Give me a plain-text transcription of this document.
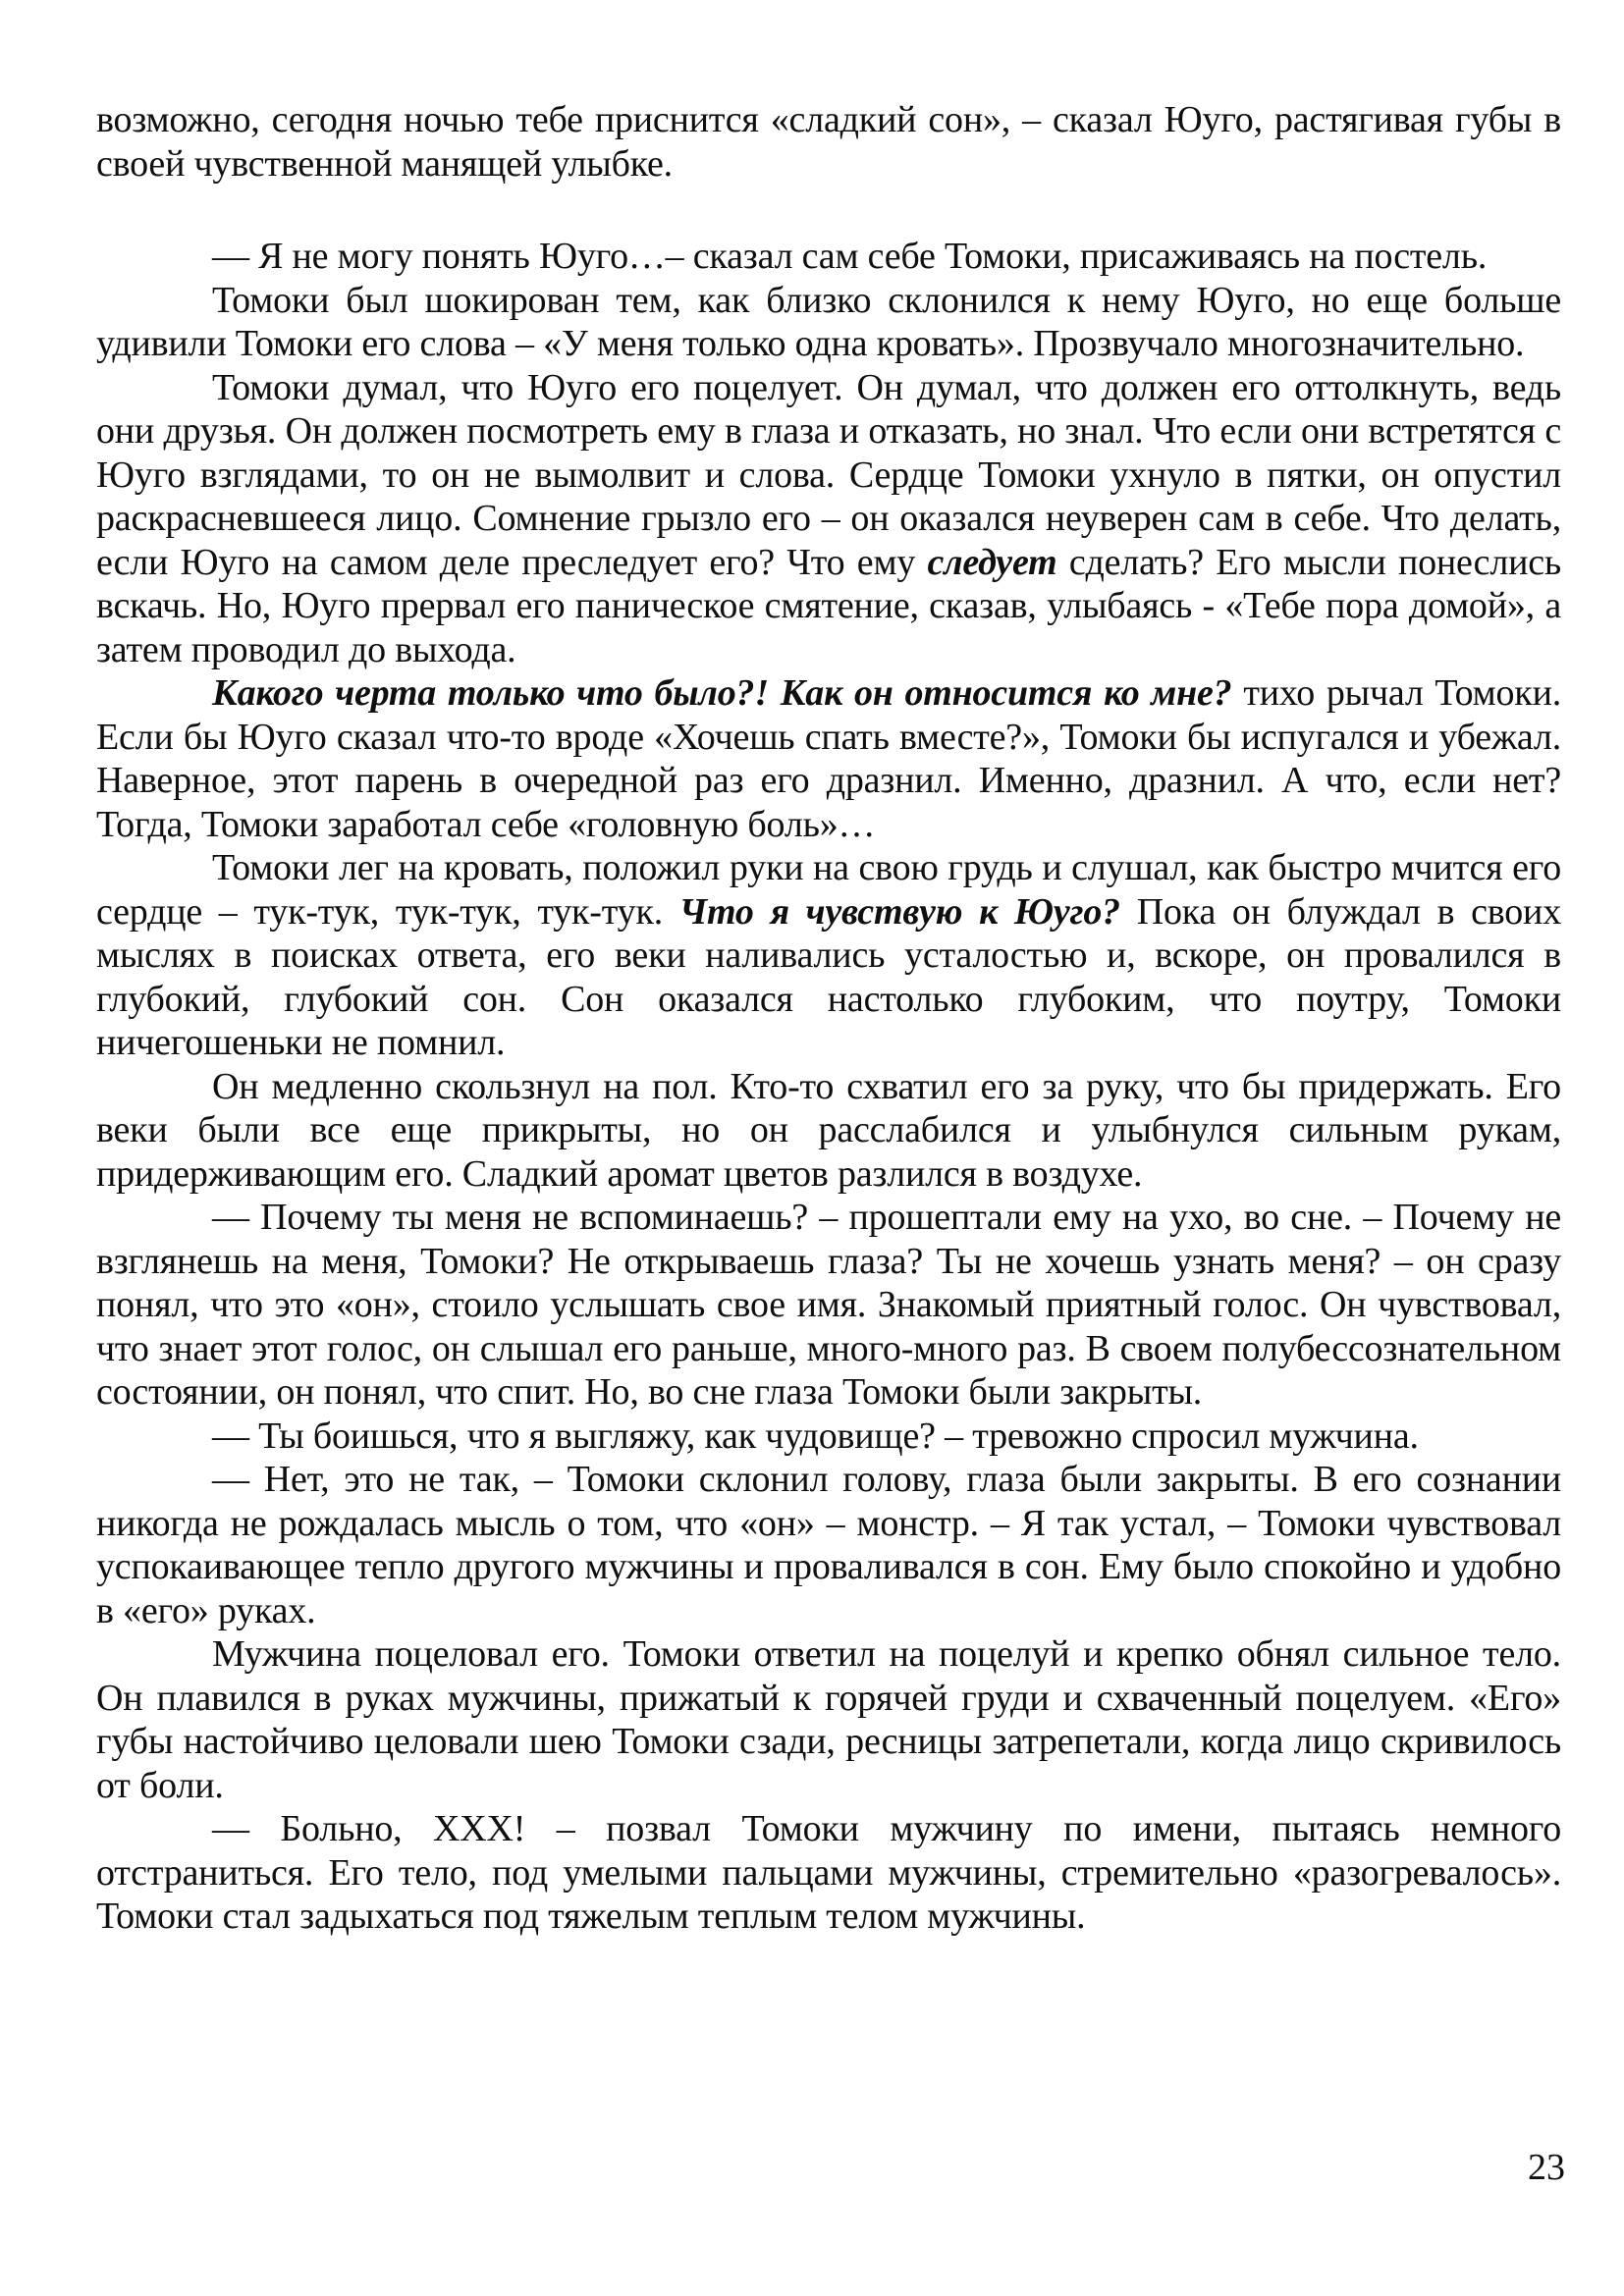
возможно, сегодня ночью тебе приснится «сладкий сон», – сказал Юуго, растягивая губы в своей чувственной манящей улыбке.

— Я не могу понять Юуго…– сказал сам себе Томоки, присаживаясь на постель.

Томоки был шокирован тем, как близко склонился к нему Юуго, но еще больше удивили Томоки его слова – «У меня только одна кровать». Прозвучало многозначительно.

Томоки думал, что Юуго его поцелует. Он думал, что должен его оттолкнуть, ведь они друзья. Он должен посмотреть ему в глаза и отказать, но знал. Что если они встретятся с Юуго взглядами, то он не вымолвит и слова. Сердце Томоки ухнуло в пятки, он опустил раскрасневшееся лицо. Сомнение грызло его – он оказался неуверен сам в себе. Что делать, если Юуго на самом деле преследует его? Что ему следует сделать? Его мысли понеслись вскачь. Но, Юуго прервал его паническое смятение, сказав, улыбаясь - «Тебе пора домой», а затем проводил до выхода.

Какого черта только что было?! Как он относится ко мне? тихо рычал Томоки. Если бы Юуго сказал что-то вроде «Хочешь спать вместе?», Томоки бы испугался и убежал. Наверное, этот парень в очередной раз его дразнил. Именно, дразнил. А что, если нет? Тогда, Томоки заработал себе «головную боль»…

Томоки лег на кровать, положил руки на свою грудь и слушал, как быстро мчится его сердце – тук-тук, тук-тук, тук-тук. Что я чувствую к Юуго? Пока он блуждал в своих мыслях в поисках ответа, его веки наливались усталостью и, вскоре, он провалился в глубокий, глубокий сон. Сон оказался настолько глубоким, что поутру, Томоки ничегошеньки не помнил.

Он медленно скользнул на пол. Кто-то схватил его за руку, что бы придержать. Его веки были все еще прикрыты, но он расслабился и улыбнулся сильным рукам, придерживающим его. Сладкий аромат цветов разлился в воздухе.

— Почему ты меня не вспоминаешь? – прошептали ему на ухо, во сне. – Почему не взглянешь на меня, Томоки? Не открываешь глаза? Ты не хочешь узнать меня? – он сразу понял, что это «он», стоило услышать свое имя. Знакомый приятный голос. Он чувствовал, что знает этот голос, он слышал его раньше, много-много раз. В своем полубессознательном состоянии, он понял, что спит. Но, во сне глаза Томоки были закрыты.

— Ты боишься, что я выгляжу, как чудовище? – тревожно спросил мужчина.

— Нет, это не так, – Томоки склонил голову, глаза были закрыты. В его сознании никогда не рождалась мысль о том, что «он» – монстр. – Я так устал, – Томоки чувствовал успокаивающее тепло другого мужчины и проваливался в сон. Ему было спокойно и удобно в «его» руках.

Мужчина поцеловал его. Томоки ответил на поцелуй и крепко обнял сильное тело. Он плавился в руках мужчины, прижатый к горячей груди и схваченный поцелуем. «Его» губы настойчиво целовали шею Томоки сзади, ресницы затрепетали, когда лицо скривилось от боли.

— Больно, XXX! – позвал Томоки мужчину по имени, пытаясь немного отстраниться. Его тело, под умелыми пальцами мужчины, стремительно «разогревалось». Томоки стал задыхаться под тяжелым теплым телом мужчины.

23
